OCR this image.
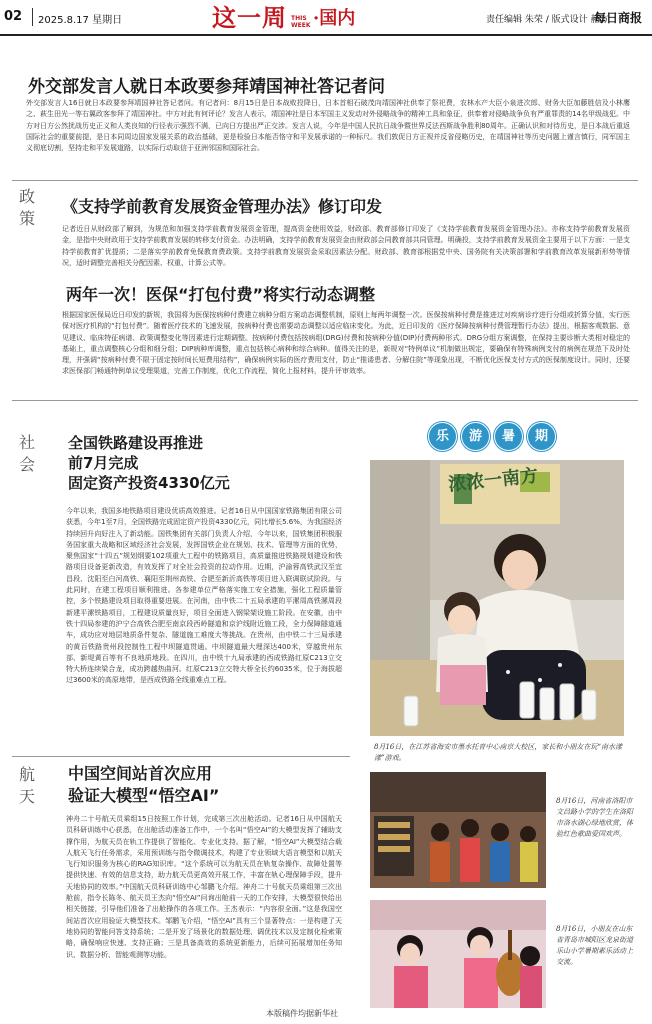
02 2025.8.17 星期日	这一周 THIS WEEK ·国内	责任编辑 朱荣 / 版式设计 赭方
每日商报
外交部发言人就日本政要参拜靖国神社答记者问
外交部发言人16日就日本政要参拜靖国神社答记者问。有记者问：8月15日是日本战败投降日，日本首相石破茂向靖国神社供奉了祭祀费，农林水产大臣小泉进次郎、财务大臣加藤胜信及小林鹰之、萩生田光一等右翼政客参拜了靖国神社。中方对此有何评论？发言人表示，靖国神社是日本军国主义发动对外侵略战争的精神工具和象征，供奉着对侵略战争负有严重罪责的14名甲级战犯。中方对日方公然扰战历史正义和人类良知的行径表示强烈不满，已向日方提出严正交涉。发言人说，今年是中国人民抗日战争暨世界反法西斯战争胜利80周年。正确认识和对待历史，是日本战后重返国际社会的重要前提，是日本同周边国家发展关系的政治基础，更是检验日本能否恪守和平发展承诺的一种标尺。我们敦促日方正视并反省侵略历史，在靖国神社等历史问题上谨言慎行，同军国主义彻底切割，坚持走和平发展道路，以实际行动取信于亚洲邻国和国际社会。
政策
《支持学前教育发展资金管理办法》修订印发
记者近日从财政部了解到，为规范和加强支持学前教育发展资金管理，提高资金使用效益，财政部、教育部修订印发了《支持学前教育发展资金管理办法》。亦称支持学前教育发展资金，是指中央财政用于支持学前教育发展的转移支付资金。办法明确，支持学前教育发展资金由财政部会同教育部共同管理。明确投，支持学前教育发展资金主要用于以下方面：一是支持学前教育扩优提质；二是落实学前教育免保教育费政策。支持学前教育发展资金采取因素法分配。财政部、教育部根据党中央、国务院有关决策部署和学前教育改革发展新形势等情况，适时调整完善相关分配因素、权重、计算公式等。
两年一次！医保“打包付费”将实行动态调整
根据国家医保局近日印发的新规，我国将为医保按病种付费建立病种分组方案动态调整机制，原则上每两年调整一次。医保按病种付费是推进过对疾病诊疗进行分组或折算分值，实行医保对医疗机构的“打包付费”。随着医疗技术的飞速发展，按病种付费也需要动态调整以适应临床变化。为此，近日印发的《医疗保障按病种付费管理暂行办法》提出，根据客观数据、意见建议、临床特征病谱、政策调整变化等因素进行定期调整。按病种付费包括按病组(DRG)付费和按病种分值(DIP)付费两种形式。DRG分组方案调整，在保持主要诊断大类相对稳定的基础上，重点调整核心分组和细分组；DIP病种库调整，重点包括核心病种和综合病种。值得关注的是，新规对“特例单议”机制做出规定，要确保有特殊病例支付的病例在规范下及时处理，并强调“按病种付费不限于固定按时间长短费用结构”，确保病例实际的医疗费用支付，防止“推诿患者、分解住院”等现象出现，不断优化医保支付方式的医保制度设计。同时，还要求医保部门畅通特例单议受理渠道，完善工作制度，优化工作流程，简化上报材料，提升评审效率。
社会
全国铁路建设再推进
前7月完成
固定资产投资4330亿元
今年以来，我国多地铁路项目建设优质高效推进。记者16日从中国国家铁路集团有限公司获悉，今年1至7月，全国铁路完成固定资产投资4330亿元，同比增长5.6%，为我国经济持续回升向好注入了新动能。国铁集团有关部门负责人介绍，今年以来，国铁集团积极服务国家重大战略和区域经济社会发展，发挥国铁企业在规划、技术、管理等方面的优势，聚焦国家“十四五”规划纲要102项重大工程中的铁路项目，高质量推进铁路规划建设和铁路项目设备更新改造，有效发挥了对全社会投资的拉动作用。近期，沪渝蓉高铁武汉至宜昌段、沈阳至白河高铁、襄阳至荆州高铁、合肥至新沂高铁等项目进入联调联试阶段。与此同时，在建工程项目顺利推进。各参建单位严格落实施工安全措施，强化工程质量管控，多个铁路建设项目取得重要进展。在河南，由中铁二十五局承建的平漯周高铁漯周段新建平漯铁路项目，工程建设质量良好，项目全面进入钢梁架设施工阶段。在安徽，由中铁十四局参建的沪宁合高铁合肥至南京段西岭隧道和京沪线附近施工段，全力保障隧道通车，成功应对地层地质条件复杂、隧道施工难度大等挑战。在贵州，由中铁二十三局承建的黄百铁路贵州段控制性工程中坝隧道贯通。中坝隧道最大埋深达400米，穿越贵州东部、新堤黄百等有不良地质地段。在四川，由中铁十九局承建的西成铁路红原C213立交特大桥连续梁合龙，成功跨越热曲河。红原C213立交特大桥全长约6035米，位于海拔超过3600米的高原地带，是西成铁路全线重难点工程。
航天
中国空间站首次应用
验证大模型“悟空AI”
神舟二十号航天员乘组15日按照工作计划，完成第三次出舱活动。记者16日从中国航天员科研训练中心获悉，在出舱活动准备工作中，一个名叫“悟空AI”的大模型发挥了辅助支撑作用，为航天员在轨工作提供了智能化、专业化支持。据了解，“悟空AI”大模型结合载人航天飞行任务需求，采用预训练与指令微调技术，构建了专业领域大语言模型和以航天飞行知识服务为核心的RAG知识库。“这个系统可以为航天员在轨复杂操作、故障处置等提供快速、有效的信息支持，助力航天员更高效开展工作，丰富在轨心理保障手段，提升天地协同的效率。”中国航天员科研训练中心邹鹏飞介绍。神舟二十号航天员乘组第三次出舱前，指令长陈冬、航天员王杰向“悟空AI”问询出舱前一天的工作安排，大模型很快给出相关链接，引导他们准备了出舱操作的各项工作。王杰表示：“内容很全面。”这是我国空间站首次应用验证大模型技术。邹鹏飞介绍，“悟空AI”具有三个显著特点：一是构建了天地协同的智能问答支持系统；二是开发了场景化的数据处理、调优技术以及定制化检索策略，确保响应快速、支持正确；三是具备高效的系统更新能力，后续可拓展增加任务知识、数据分析、智能观测等功能。
本版稿件均据新华社
乐	游	暑	期
浓浓一南方
8月16日，在江苏省海安市墨水托育中心南京大校区，家长和小朋友在玩“南水漾漾”游戏。
8月16日，河南省洛阳市文昌路小学的学生在洛阳市洛水湖心绿地欣赏，体验红色歌曲爱国欢声。
8月16日，小朋友在山东省青岛市城阳区龙泉街道乐山小学暑期素乐活动上交流。
